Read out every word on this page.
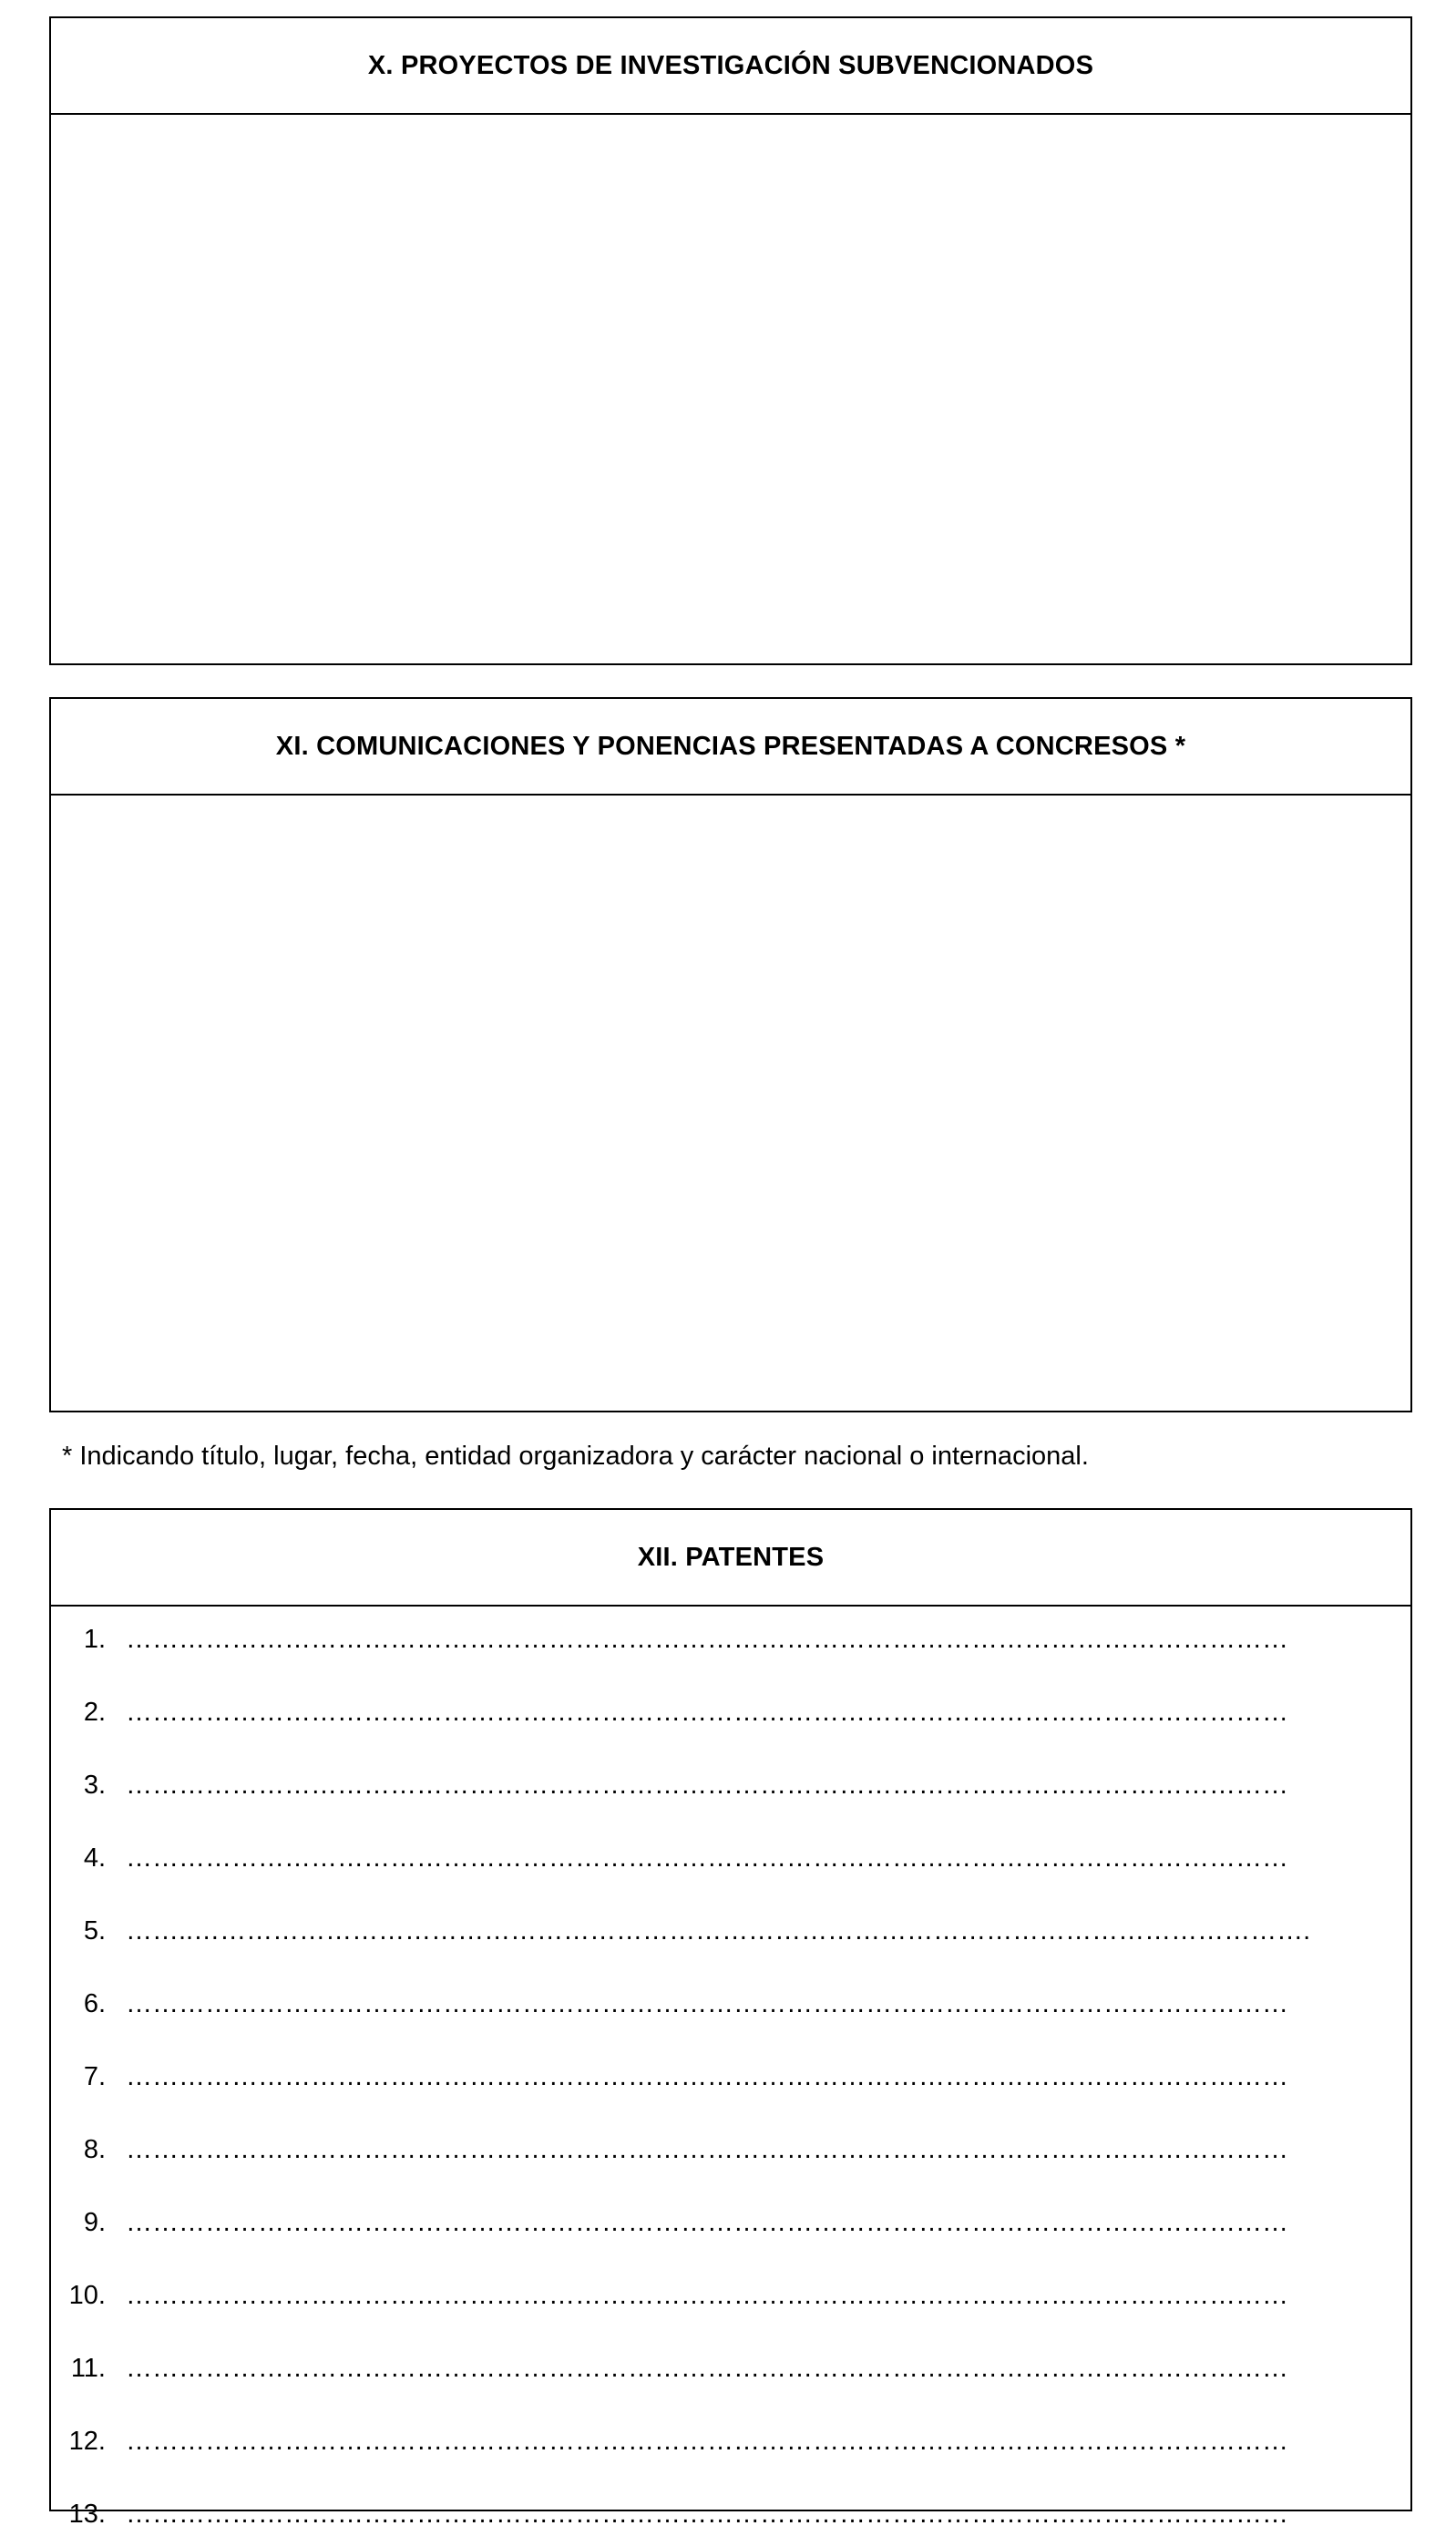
X. PROYECTOS DE INVESTIGACIÓN SUBVENCIONADOS
XI. COMUNICACIONES Y PONENCIAS PRESENTADAS A CONCRESOS *
* Indicando título, lugar, fecha, entidad organizadora y carácter nacional o internacional.
XII. PATENTES
1. ……………………………………………………………………………………………………………………
2. ……………………………………………………………………………………………………………………
3. ……………………………………………………………………………………………………………………
4. ……………………………………………………………………………………………………………………
5. ……..……………………………………………………………………………………………………………….
6. ……………………………………………………………………………………………………………………
7. ……………………………………………………………………………………………………………………
8. ……………………………………………………………………………………………………………………
9. ……………………………………………………………………………………………………………………
10. ……………………………………………………………………………………………………………………
11. ……………………………………………………………………………………………………………………
12. ……………………………………………………………………………………………………………………
13. ……………………………………………………………………………………………………………………
